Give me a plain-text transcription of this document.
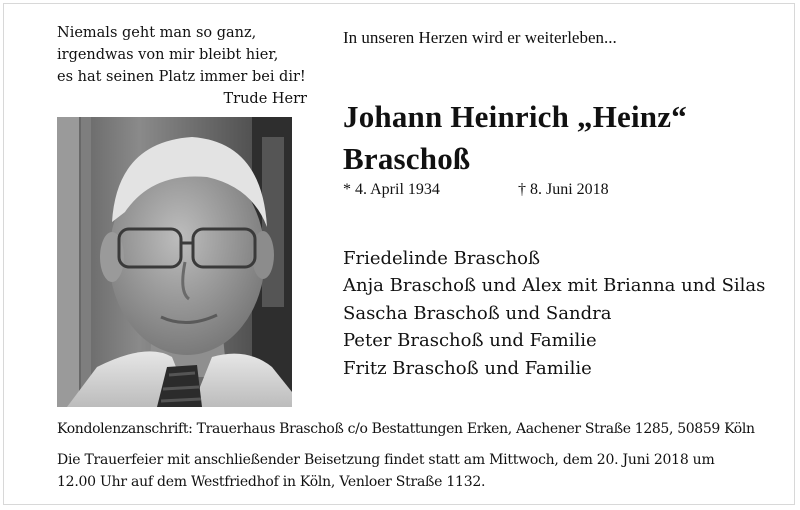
Niemals geht man so ganz,
irgendwas von mir bleibt hier,
es hat seinen Platz immer bei dir!
Trude Herr
In unseren Herzen wird er weiterleben...
Johann Heinrich „Heinz“
Braschoß
* 4. April 1934	† 8. Juni 2018
Friedelinde Braschoß
Anja Braschoß und Alex mit Brianna und Silas
Sascha Braschoß und Sandra
Peter Braschoß und Familie
Fritz Braschoß und Familie
Kondolenzanschrift: Trauerhaus Braschoß c/o Bestattungen Erken, Aachener Straße 1285, 50859 Köln
Die Trauerfeier mit anschließender Beisetzung findet statt am Mittwoch, dem 20. Juni 2018 um
12.00 Uhr auf dem Westfriedhof in Köln, Venloer Straße 1132.
